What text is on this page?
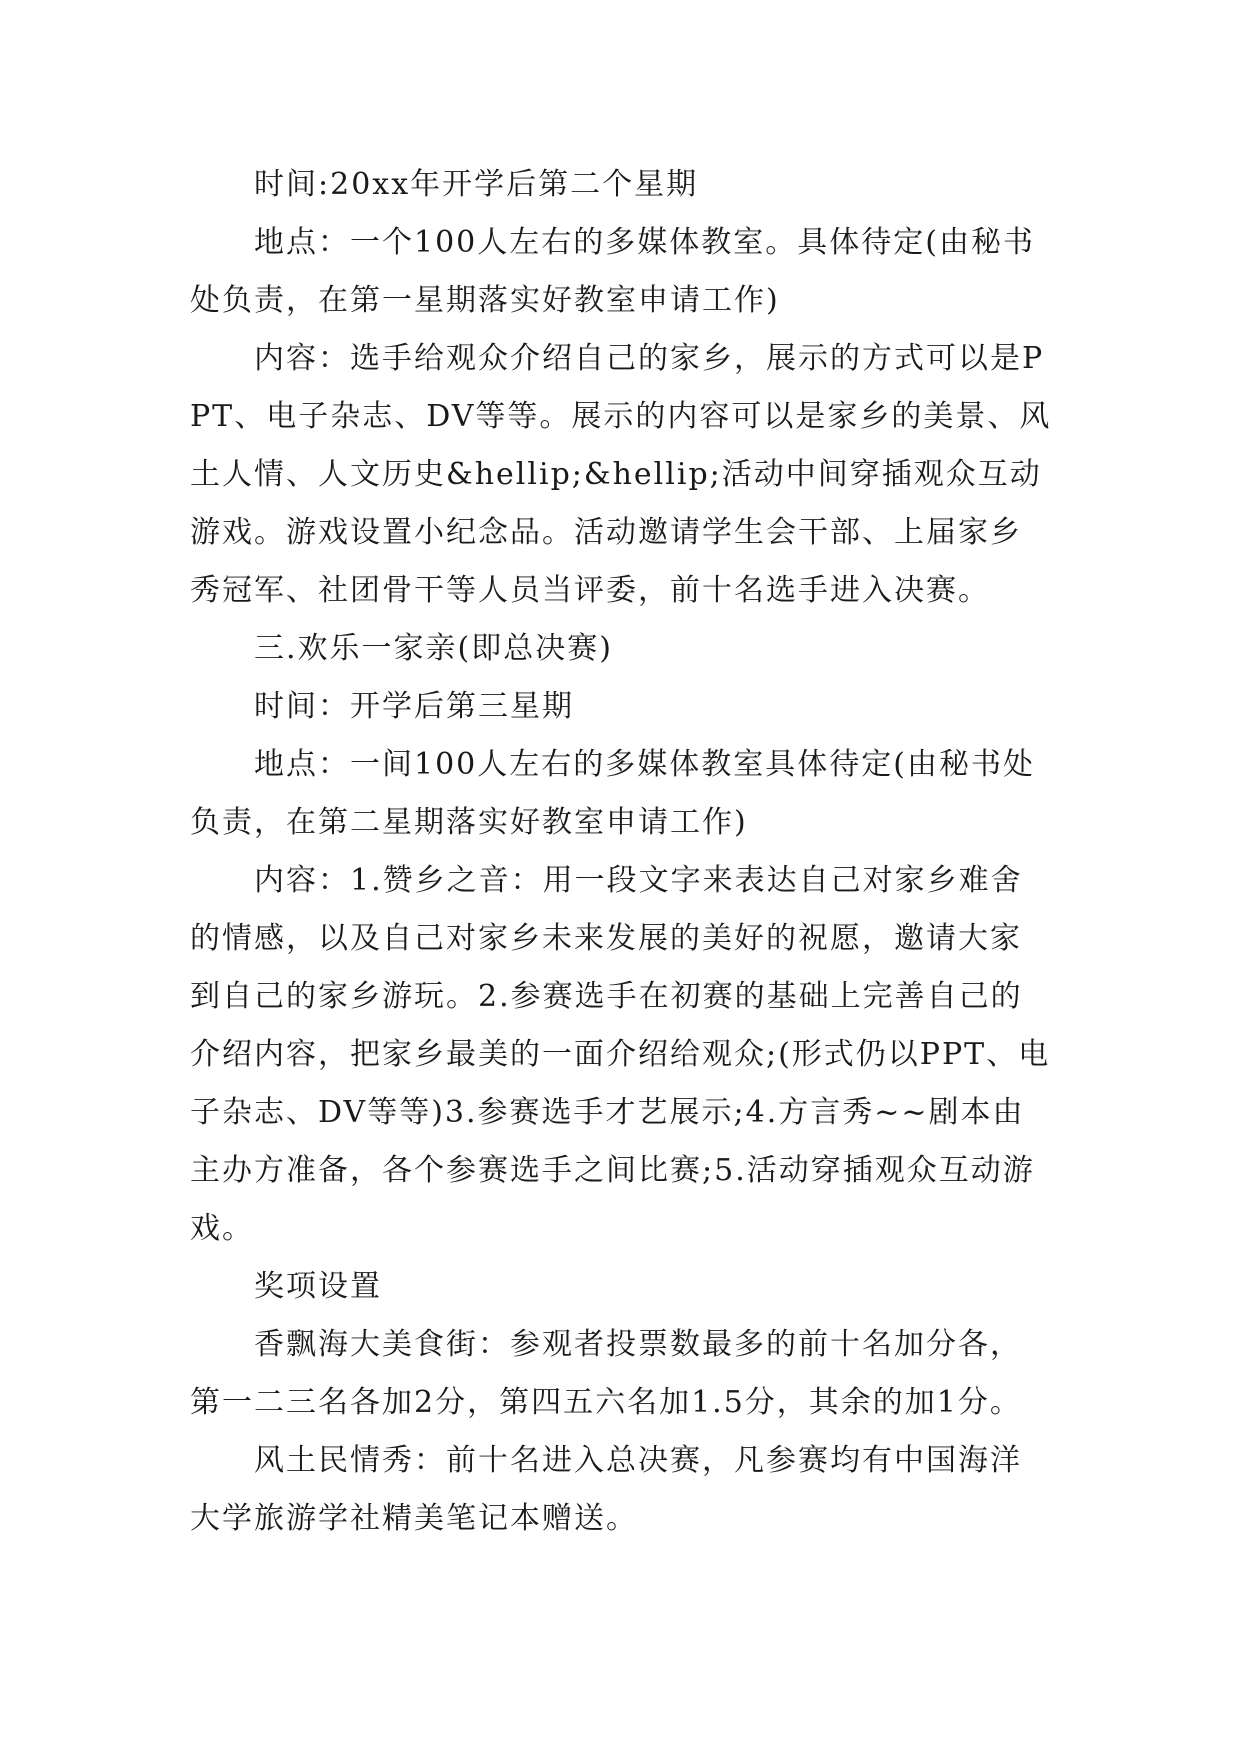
时间:20xx年开学后第二个星期

地点：一个100人左右的多媒体教室。具体待定(由秘书处负责，在第一星期落实好教室申请工作)

内容：选手给观众介绍自己的家乡，展示的方式可以是PPT、电子杂志、DV等等。展示的内容可以是家乡的美景、风土人情、人文历史&hellip;&hellip;活动中间穿插观众互动游戏。游戏设置小纪念品。活动邀请学生会干部、上届家乡秀冠军、社团骨干等人员当评委，前十名选手进入决赛。

三.欢乐一家亲(即总决赛)

时间：开学后第三星期

地点：一间100人左右的多媒体教室具体待定(由秘书处负责，在第二星期落实好教室申请工作)

内容：1.赞乡之音：用一段文字来表达自己对家乡难舍的情感，以及自己对家乡未来发展的美好的祝愿，邀请大家到自己的家乡游玩。2.参赛选手在初赛的基础上完善自己的介绍内容，把家乡最美的一面介绍给观众;(形式仍以PPT、电子杂志、DV等等)3.参赛选手才艺展示;4.方言秀~~剧本由主办方准备，各个参赛选手之间比赛;5.活动穿插观众互动游戏。

奖项设置

香飘海大美食街：参观者投票数最多的前十名加分各，第一二三名各加2分，第四五六名加1.5分，其余的加1分。

风土民情秀：前十名进入总决赛，凡参赛均有中国海洋大学旅游学社精美笔记本赠送。
